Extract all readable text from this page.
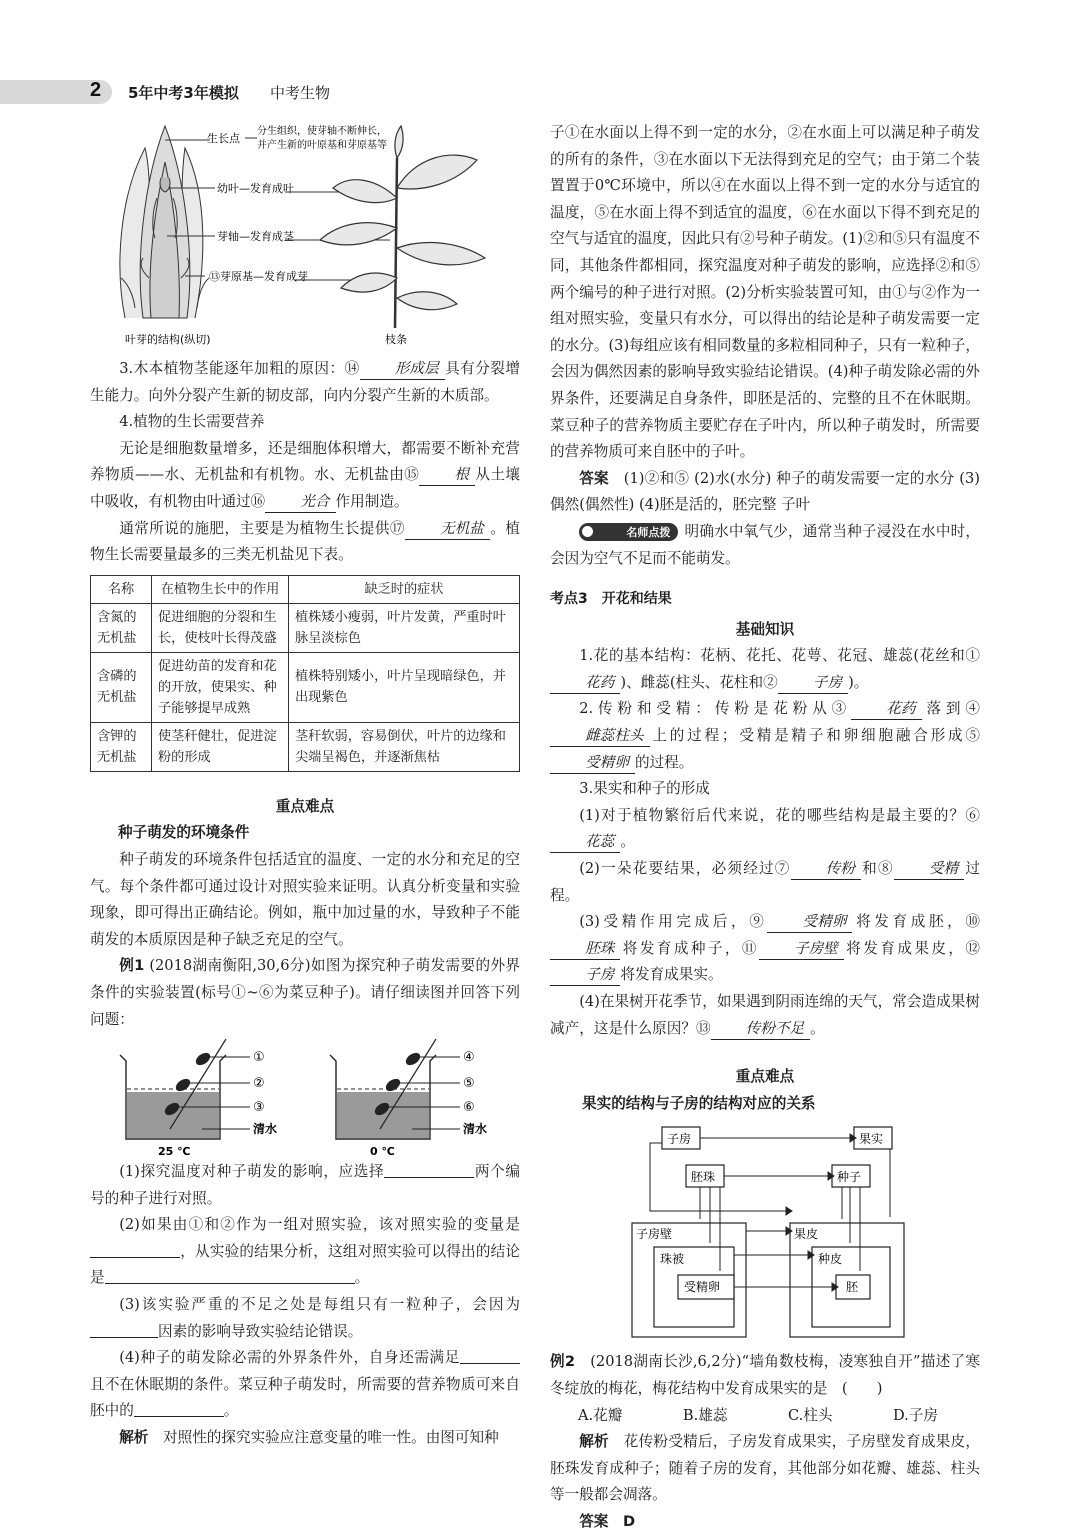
2 5年中考3年模拟 中考生物
生长点
分生组织，使芽轴不断伸长，
并产生新的叶原基和芽原基等
幼叶—发育成叶
芽轴—发育成茎
⑬芽原基—发育成芽
叶芽的结构(纵切)	枝条

3.木本植物茎能逐年加粗的原因：⑭ 形成层 具有分裂增生能力。向外分裂产生新的韧皮部，向内分裂产生新的木质部。

4.植物的生长需要营养

无论是细胞数量增多，还是细胞体积增大，都需要不断补充营养物质——水、无机盐和有机物。水、无机盐由⑮ 根 从土壤中吸收，有机物由叶通过⑯ 光合 作用制造。

通常所说的施肥，主要是为植物生长提供⑰ 无机盐 。植物生长需要量最多的三类无机盐见下表。

名称	在植物生长中的作用	缺乏时的症状
含氮的无机盐	促进细胞的分裂和生长，使枝叶长得茂盛	植株矮小瘦弱，叶片发黄，严重时叶脉呈淡棕色
含磷的无机盐	促进幼苗的发育和花的开放，使果实、种子能够提早成熟	植株特别矮小，叶片呈现暗绿色，并出现紫色
含钾的无机盐	使茎秆健壮，促进淀粉的形成	茎秆软弱，容易倒伏，叶片的边缘和尖端呈褐色，并逐渐焦枯

重点难点

种子萌发的环境条件

种子萌发的环境条件包括适宜的温度、一定的水分和充足的空气。每个条件都可通过设计对照实验来证明。认真分析变量和实验现象，即可得出正确结论。例如，瓶中加过量的水，导致种子不能萌发的本质原因是种子缺乏充足的空气。

例1 (2018湖南衡阳,30,6分)如图为探究种子萌发需要的外界条件的实验装置(标号①~⑥为菜豆种子)。请仔细读图并回答下列问题：

①
②
③
清水
④
⑤
⑥
清水
25 ℃	0 ℃

(1)探究温度对种子萌发的影响，应选择	两个编号的种子进行对照。

(2)如果由①和②作为一组对照实验，该对照实验的变量是，从实验的结果分析，这组对照实验可以得出的结论是	。

(3)该实验严重的不足之处是每组只有一粒种子，会因为因素的影响导致实验结论错误。

(4)种子的萌发除必需的外界条件外，自身还需满足且不在休眠期的条件。菜豆种子萌发时，所需要的营养物质可来自胚中的	。

解析　 对照性的探究实验应注意变量的唯一性。由图可知种

子①在水面以上得不到一定的水分，②在水面上可以满足种子萌发的所有的条件，③在水面以下无法得到充足的空气；由于第二个装置置于0℃环境中，所以④在水面以上得不到一定的水分与适宜的温度，⑤在水面上得不到适宜的温度，⑥在水面以下得不到充足的空气与适宜的温度，因此只有②号种子萌发。(1)②和⑤只有温度不同，其他条件都相同，探究温度对种子萌发的影响，应选择②和⑤两个编号的种子进行对照。(2)分析实验装置可知，由①与②作为一组对照实验，变量只有水分，可以得出的结论是种子萌发需要一定的水分。(3)每组应该有相同数量的多粒相同种子，只有一粒种子，会因为偶然因素的影响导致实验结论错误。(4)种子萌发除必需的外界条件，还要满足自身条件，即胚是活的、完整的且不在休眠期。菜豆种子的营养物质主要贮存在子叶内，所以种子萌发时，所需要的营养物质可来自胚中的子叶。

答案　 (1)②和⑤ (2)水(水分) 种子的萌发需要一定的水分 (3)偶然(偶然性) (4)胚是活的，胚完整 子叶

名师点拨 明确水中氧气少，通常当种子浸没在水中时，会因为空气不足而不能萌发。

考点3　开花和结果

基础知识

1.花的基本结构：花柄、花托、花萼、花冠、雄蕊(花丝和①花药 )、雌蕊(柱头、花柱和② 子房 )。

2.传粉和受精：传粉是花粉从③ 花药 落到④雌蕊柱头 上的过程；受精是精子和卵细胞融合形成⑤受精卵 的过程。

3.果实和种子的形成

(1)对于植物繁衍后代来说，花的哪些结构是最主要的？⑥花蕊 。

(2)一朵花要结果，必须经过⑦ 传粉 和⑧ 受精 过程。

(3)受精作用完成后，⑨ 受精卵 将发育成胚，⑩胚珠 将发育成种子，⑪ 子房壁 将发育成果皮，⑫子房 将发育成果实。

(4)在果树开花季节，如果遇到阴雨连绵的天气，常会造成果树减产，这是什么原因？⑬ 传粉不足 。

重点难点

果实的结构与子房的结构对应的关系

子房	果实
胚珠	种子
子房壁	果皮
珠被	种皮
受精卵	胚

例2　 (2018湖南长沙,6,2分)“墙角数枝梅，凌寒独自开”描述了寒冬绽放的梅花，梅花结构中发育成果实的是　(　　)

A.花瓣	B.雄蕊	C.柱头	D.子房

解析　 花传粉受精后，子房发育成果实，子房壁发育成果皮，胚珠发育成种子；随着子房的发育，其他部分如花瓣、雄蕊、柱头等一般都会凋落。

答案　 D
